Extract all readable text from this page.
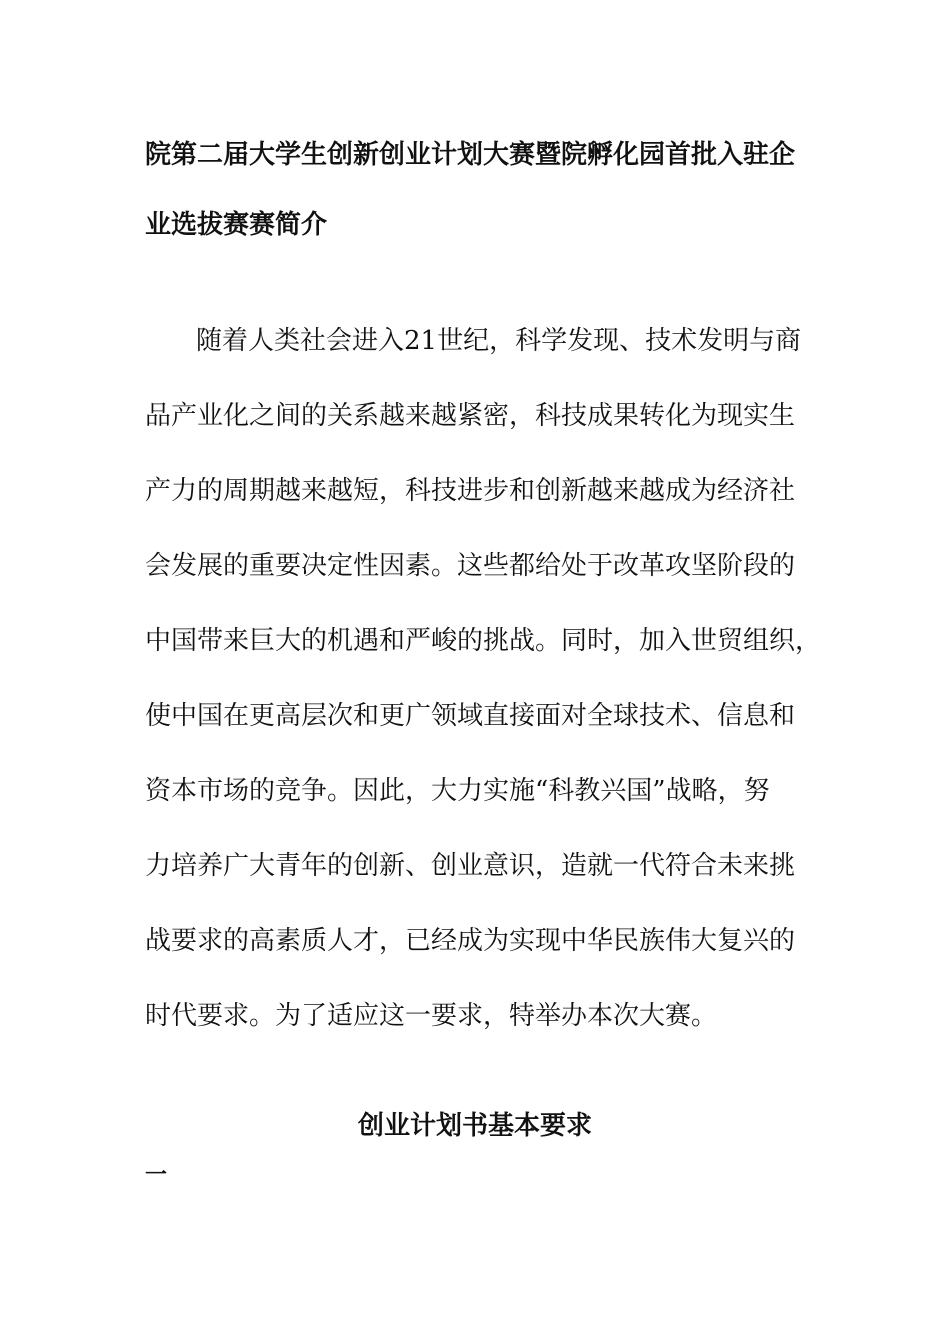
院第二届大学生创新创业计划大赛暨院孵化园首批入驻企
业选拔赛赛简介

随着人类社会进入21世纪，科学发现、技术发明与商

品产业化之间的关系越来越紧密，科技成果转化为现实生

产力的周期越来越短，科技进步和创新越来越成为经济社

会发展的重要决定性因素。这些都给处于改革攻坚阶段的

中国带来巨大的机遇和严峻的挑战。同时，加入世贸组织，

使中国在更高层次和更广领域直接面对全球技术、信息和

资本市场的竞争。因此，大力实施“科教兴国”战略，努

力培养广大青年的创新、创业意识，造就一代符合未来挑

战要求的高素质人才，已经成为实现中华民族伟大复兴的

时代要求。为了适应这一要求，特举办本次大赛。

创业计划书基本要求
一
